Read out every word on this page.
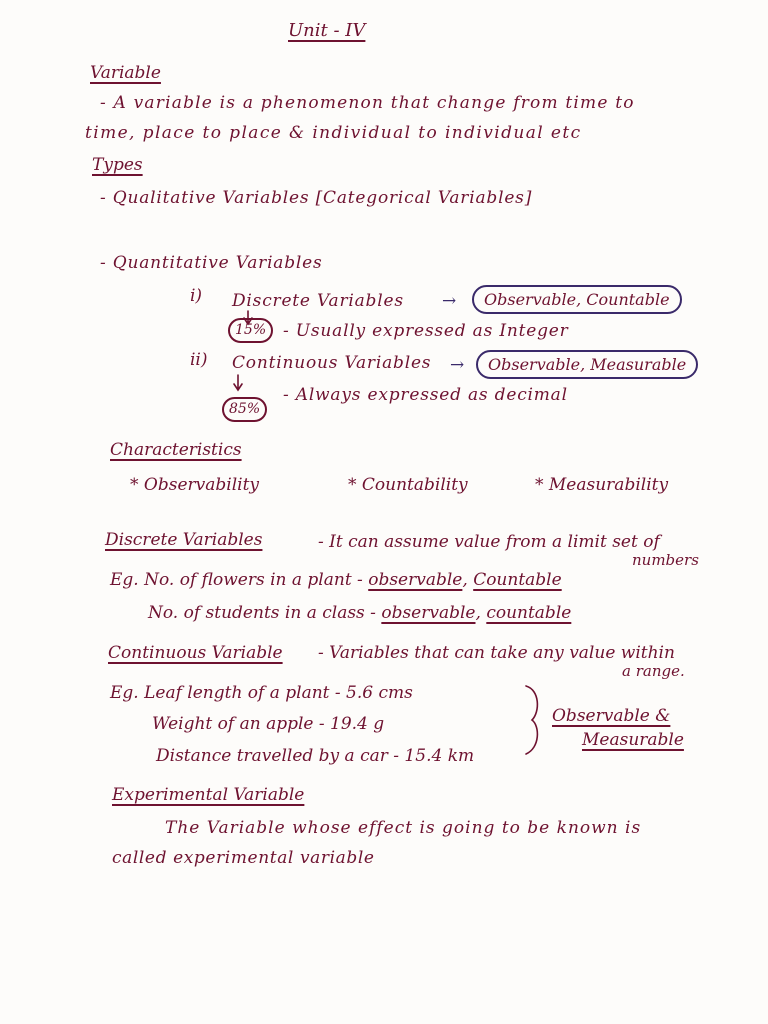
Unit - IV
Variable
- A variable is a phenomenon that change from time to
time, place to place & individual to individual etc
Types
- Qualitative Variables [Categorical Variables]
- Quantitative Variables
i) Discrete Variables →	Observable, Countable
15% - Usually expressed as Integer
ii) Continuous Variables →	Observable, Measurable
85%
- Always expressed as decimal
Characteristics
* Observability	* Countability	* Measurability
Discrete Variables	- It can assume value from a limit set of
numbers
Eg. No. of flowers in a plant - observable, Countable
No. of students in a class - observable, countable
Continuous Variable - Variables that can take any value within
a range.
Eg. Leaf length of a plant - 5.6 cms
Weight of an apple - 19.4 g
Distance travelled by a car - 15.4 km
Observable &
Measurable
Experimental Variable
The Variable whose effect is going to be known is
called experimental variable
